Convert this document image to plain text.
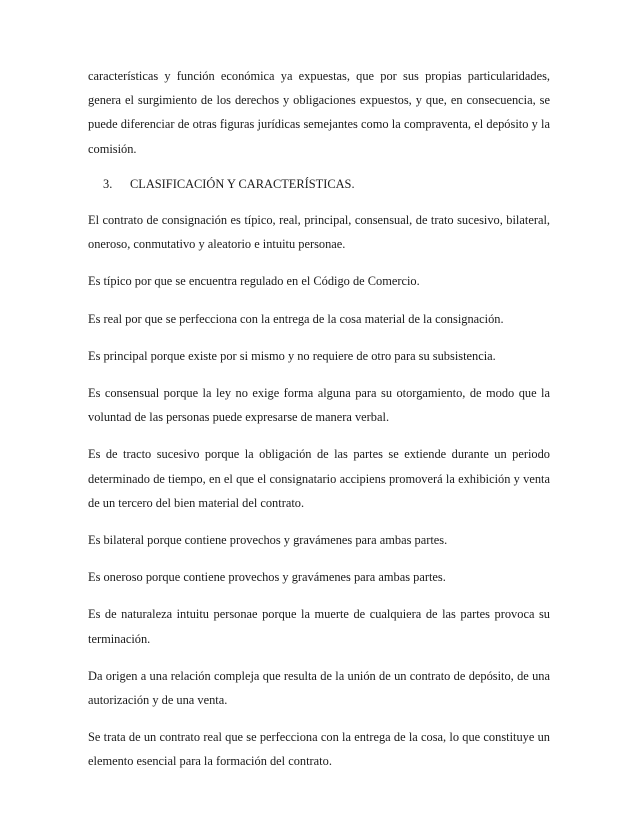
características y función económica ya expuestas, que por sus propias particularidades, genera el surgimiento de los derechos y obligaciones expuestos, y que, en consecuencia, se puede diferenciar de otras figuras jurídicas semejantes como la compraventa, el depósito y la comisión.

3.	CLASIFICACIÓN Y CARACTERÍSTICAS.

El contrato de consignación es típico, real, principal, consensual, de trato sucesivo, bilateral, oneroso, conmutativo y aleatorio e intuitu personae.

Es típico por que se encuentra regulado en el Código de Comercio.

Es real por que se perfecciona con la entrega de la cosa material de la consignación.

Es principal porque existe por si mismo y no requiere de otro para su subsistencia.

Es consensual porque la ley no exige forma alguna para su otorgamiento, de modo que la voluntad de las personas puede expresarse de manera verbal.

Es de tracto sucesivo porque la obligación de las partes se extiende durante un periodo determinado de tiempo, en el que el consignatario accipiens promoverá la exhibición y venta de un tercero del bien material del contrato.

Es bilateral porque contiene provechos y gravámenes para ambas partes.

Es oneroso porque contiene provechos y gravámenes para ambas partes.

Es de naturaleza intuitu personae porque la muerte de cualquiera de las partes provoca su terminación.

Da origen a una relación compleja que resulta de la unión de un contrato de depósito, de una autorización y de una venta.

Se trata de un contrato real que se perfecciona con la entrega de la cosa, lo que constituye un elemento esencial para la formación del contrato.
